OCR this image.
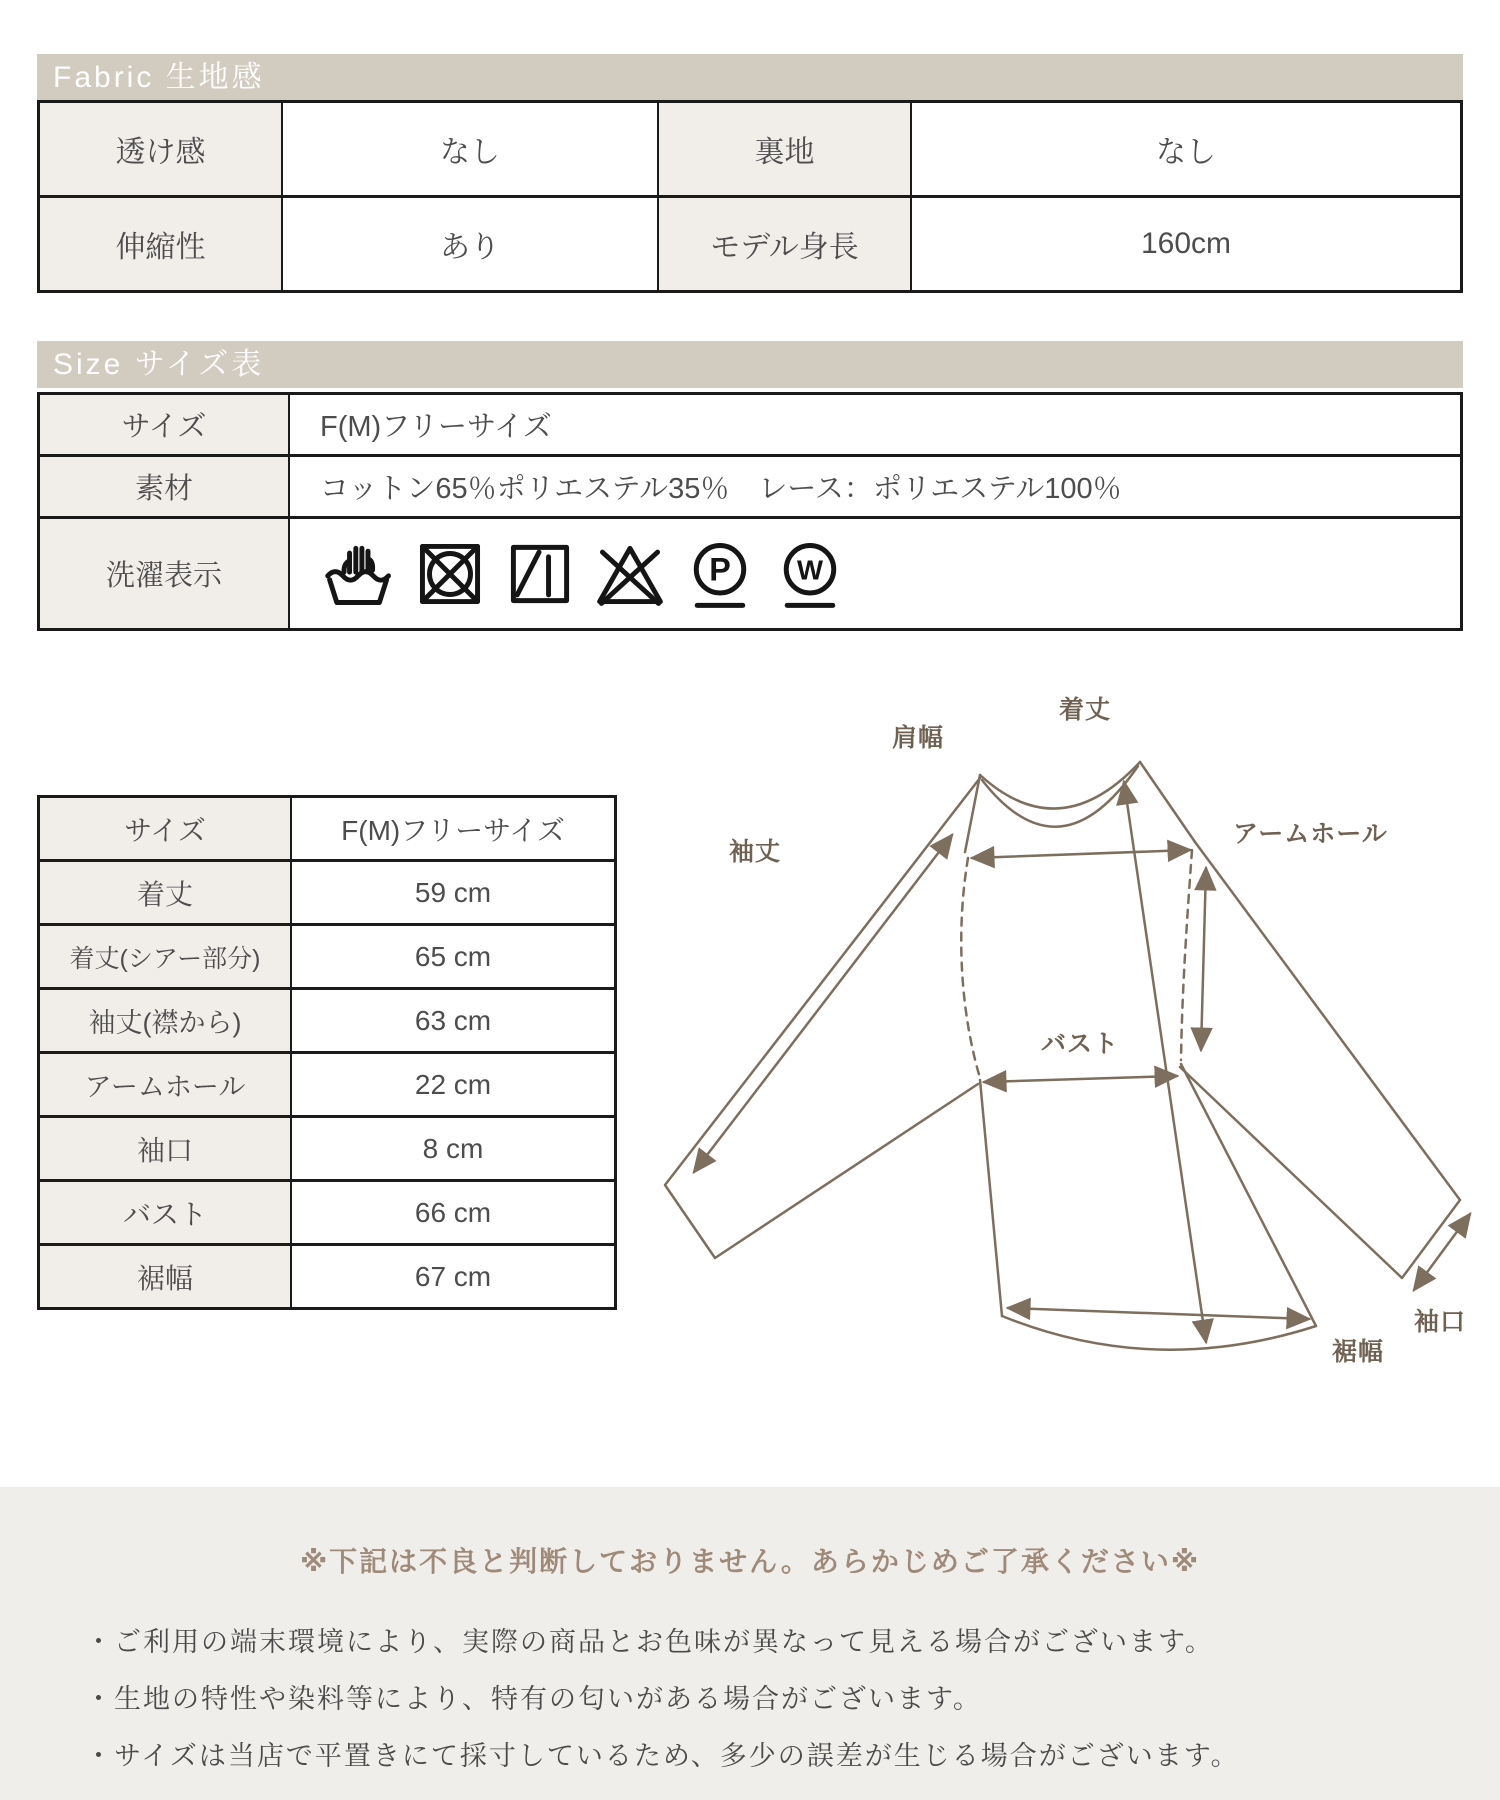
Fabric 生地感
透け感	なし	裏地	なし
伸縮性	あり	モデル身長	160cm
Size サイズ表
サイズ	F(M)フリーサイズ
素材	コットン65％ポリエステル35％　レース：ポリエステル100％
洗濯表示	P W
サイズ	F(M)フリーサイズ
着丈	59 cm
着丈(シアー部分)	65 cm
袖丈(襟から)	63 cm
アームホール	22 cm
袖口	8 cm
バスト	66 cm
裾幅	67 cm
着丈
肩幅
袖丈
アームホール
バスト
袖口
裾幅

※下記は不良と判断しておりません。あらかじめご了承ください※

・ご利用の端末環境により、実際の商品とお色味が異なって見える場合がございます。

・生地の特性や染料等により、特有の匂いがある場合がございます。

・サイズは当店で平置きにて採寸しているため、多少の誤差が生じる場合がございます。
